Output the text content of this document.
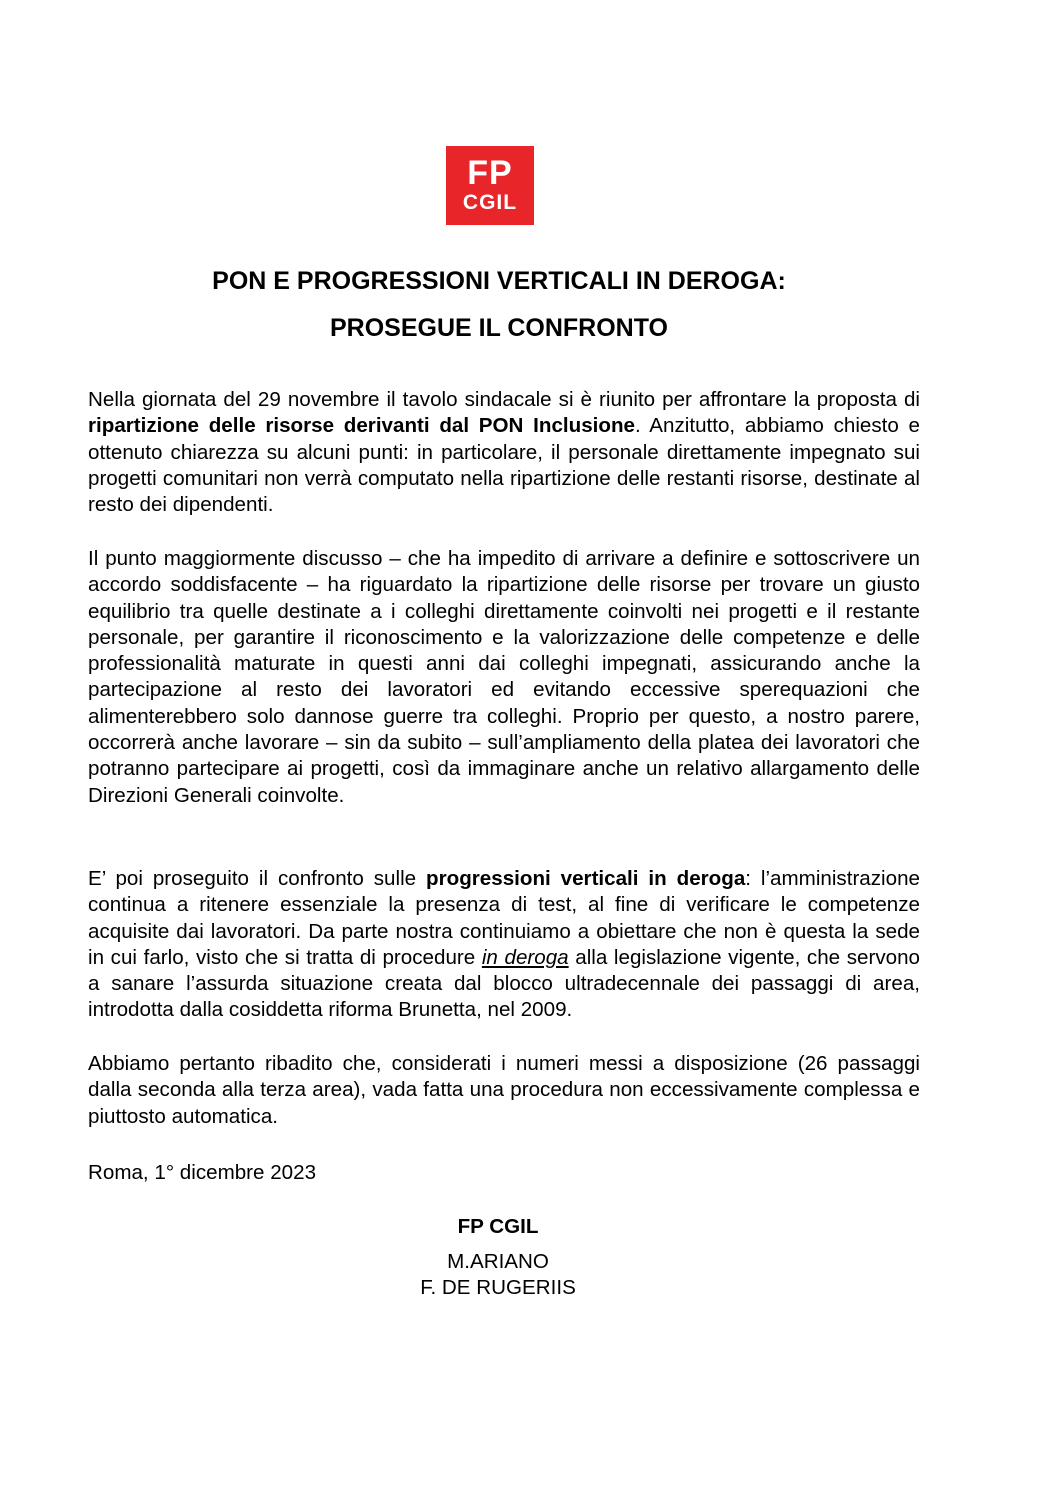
FP
CGIL
PON E PROGRESSIONI VERTICALI IN DEROGA:
PROSEGUE IL CONFRONTO

Nella giornata del 29 novembre il tavolo sindacale si è riunito per affrontare la proposta di ripartizione delle risorse derivanti dal PON Inclusione. Anzitutto, abbiamo chiesto e ottenuto chiarezza su alcuni punti: in particolare, il personale direttamente impegnato sui progetti comunitari non verrà computato nella ripartizione delle restanti risorse, destinate al resto dei dipendenti.

Il punto maggiormente discusso – che ha impedito di arrivare a definire e sottoscrivere un accordo soddisfacente – ha riguardato la ripartizione delle risorse per trovare un giusto equilibrio tra quelle destinate a i colleghi direttamente coinvolti nei progetti e il restante personale, per garantire il riconoscimento e la valorizzazione delle competenze e delle professionalità maturate in questi anni dai colleghi impegnati, assicurando anche la partecipazione al resto dei lavoratori ed evitando eccessive sperequazioni che alimenterebbero solo dannose guerre tra colleghi. Proprio per questo, a nostro parere, occorrerà anche lavorare – sin da subito – sull’ampliamento della platea dei lavoratori che potranno partecipare ai progetti, così da immaginare anche un relativo allargamento delle Direzioni Generali coinvolte.

E’ poi proseguito il confronto sulle progressioni verticali in deroga: l’amministrazione continua a ritenere essenziale la presenza di test, al fine di verificare le competenze acquisite dai lavoratori. Da parte nostra continuiamo a obiettare che non è questa la sede in cui farlo, visto che si tratta di procedure in deroga alla legislazione vigente, che servono a sanare l’assurda situazione creata dal blocco ultradecennale dei passaggi di area, introdotta dalla cosiddetta riforma Brunetta, nel 2009.

Abbiamo pertanto ribadito che, considerati i numeri messi a disposizione (26 passaggi dalla seconda alla terza area), vada fatta una procedura non eccessivamente complessa e piuttosto automatica.

Roma, 1° dicembre 2023

FP CGIL

M.ARIANO

F. DE RUGERIIS
